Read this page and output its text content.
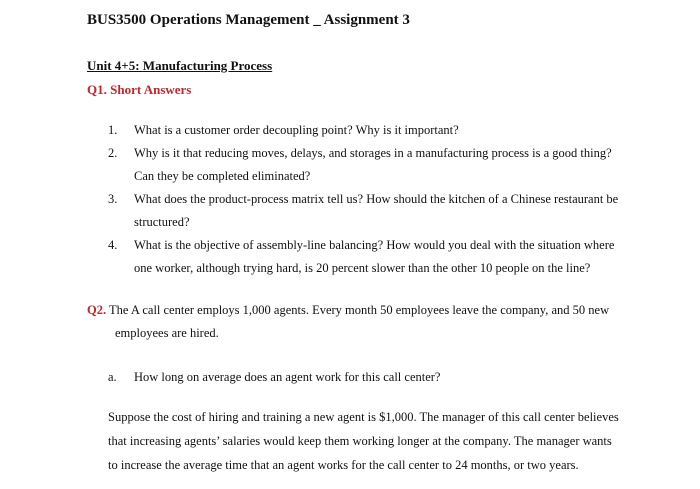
BUS3500 Operations Management _ Assignment 3
Unit 4+5: Manufacturing Process
Q1. Short Answers
1. What is a customer order decoupling point? Why is it important?
2. Why is it that reducing moves, delays, and storages in a manufacturing process is a good thing?
Can they be completed eliminated?
3. What does the product-process matrix tell us? How should the kitchen of a Chinese restaurant be
structured?
4. What is the objective of assembly-line balancing? How would you deal with the situation where
one worker, although trying hard, is 20 percent slower than the other 10 people on the line?
Q2. The A call center employs 1,000 agents. Every month 50 employees leave the company, and 50 new
employees are hired.
a. How long on average does an agent work for this call center?
Suppose the cost of hiring and training a new agent is $1,000. The manager of this call center believes
that increasing agents’ salaries would keep them working longer at the company. The manager wants
to increase the average time that an agent works for the call center to 24 months, or two years.
